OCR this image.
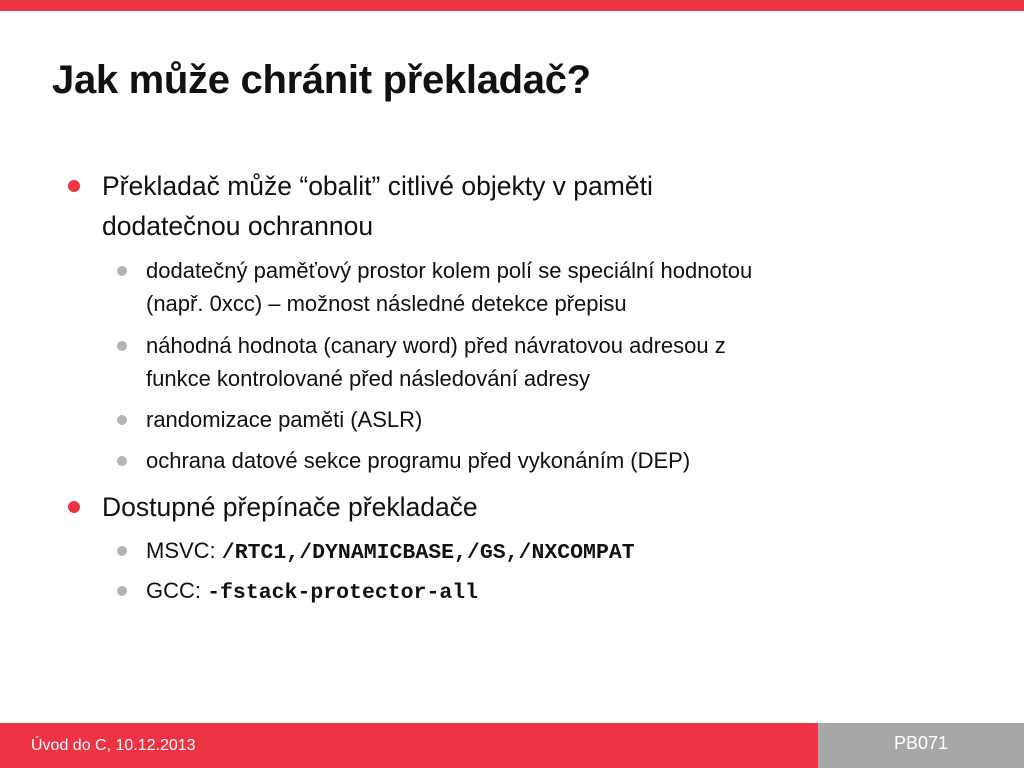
Jak může chránit překladač?
Překladač může “obalit” citlivé objekty v paměti
dodatečnou ochrannou
dodatečný paměťový prostor kolem polí se speciální hodnotou
(např. 0xcc) – možnost následné detekce přepisu
náhodná hodnota (canary word) před návratovou adresou z
funkce kontrolované před následování adresy
randomizace paměti (ASLR)
ochrana datové sekce programu před vykonáním (DEP)
Dostupné přepínače překladače
MSVC: /RTC1,/DYNAMICBASE,/GS,/NXCOMPAT
GCC: -fstack-protector-all
Úvod do C, 10.12.2013	PB071
